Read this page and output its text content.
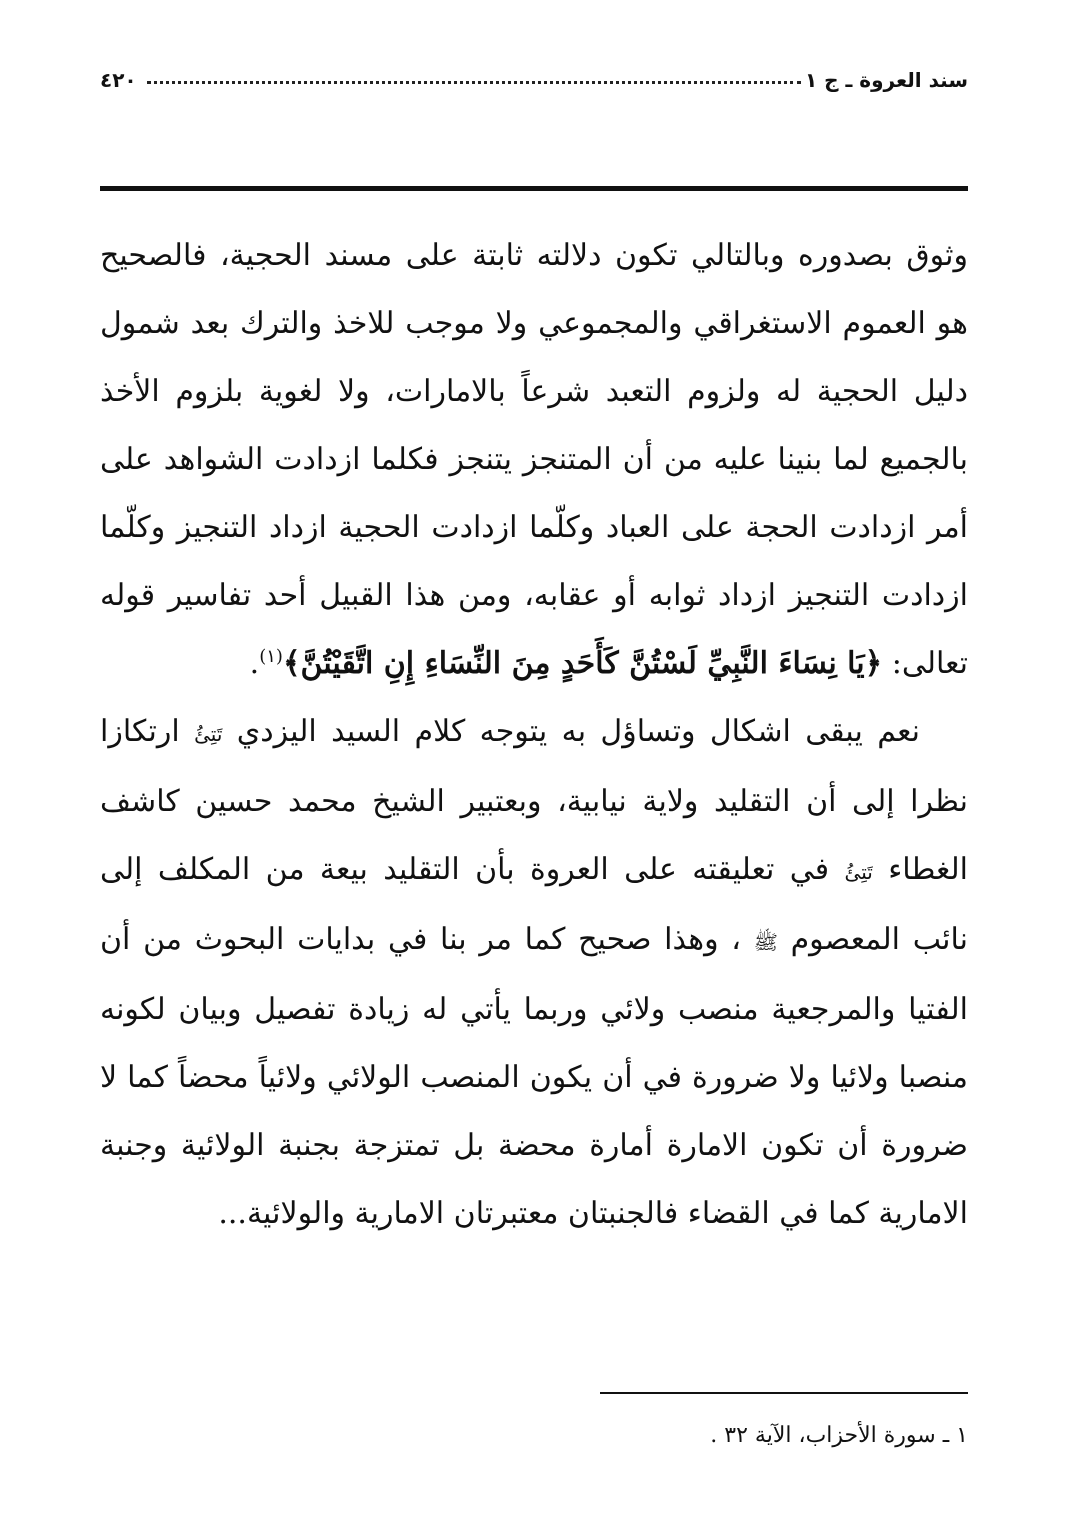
٤٢٠	سند العروة ـ ج ١

وثوق بصدوره وبالتالي تكون دلالته ثابتة على مسند الحجية، فالصحيح هو العموم الاستغراقي والمجموعي ولا موجب للاخذ والترك بعد شمول دليل الحجية له ولزوم التعبد شرعاً بالامارات، ولا لغوية بلزوم الأخذ بالجميع لما بنينا عليه من أن المتنجز يتنجز فكلما ازدادت الشواهد على أمر ازدادت الحجة على العباد وكلّما ازدادت الحجية ازداد التنجيز وكلّما ازدادت التنجيز ازداد ثوابه أو عقابه، ومن هذا القبيل أحد تفاسير قوله تعالى: ﴿يَا نِسَاءَ النَّبِيِّ لَسْتُنَّ كَأَحَدٍ مِنَ النِّسَاءِ إِنِ اتَّقَيْتُنَّ﴾$^{(١)}$.

نعم يبقى اشكال وتساؤل به يتوجه كلام السيد اليزدي تَتِئُ ارتكازا نظرا إلى أن التقليد ولاية نيابية، وبعتبير الشيخ محمد حسين كاشف الغطاء تَتِئُ في تعليقته على العروة بأن التقليد بيعة من المكلف إلى نائب المعصوم ﷺ ، وهذا صحيح كما مر بنا في بدايات البحوث من أن الفتيا والمرجعية منصب ولائي وربما يأتي له زيادة تفصيل وبيان لكونه منصبا ولائيا ولا ضرورة في أن يكون المنصب الولائي ولائياً محضاً كما لا ضرورة أن تكون الامارة أمارة محضة بل تمتزجة بجنبة الولائية وجنبة الامارية كما في القضاء فالجنبتان معتبرتان الامارية والولائية...

١ ـ سورة الأحزاب، الآية ٣٢ .
